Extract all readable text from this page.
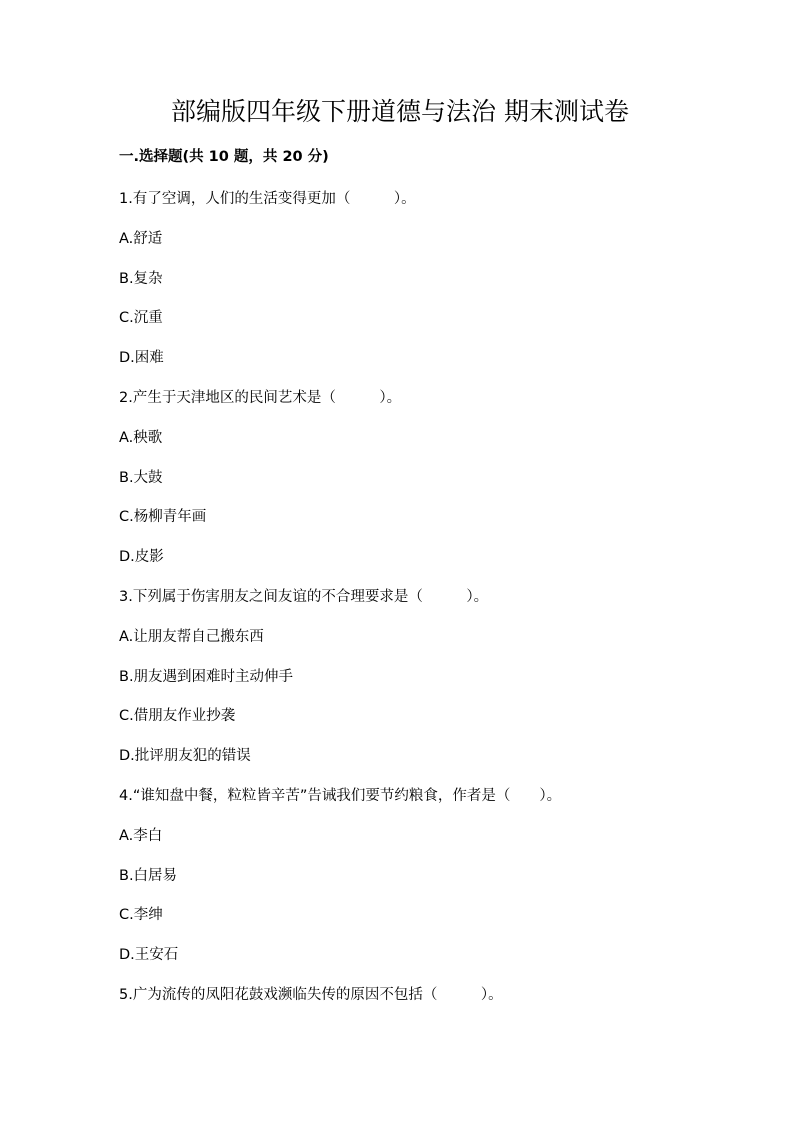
部编版四年级下册道德与法治 期末测试卷
一.选择题(共 10 题，共 20 分)
1.有了空调，人们的生活变得更加（　　　）。
A.舒适
B.复杂
C.沉重
D.困难
2.产生于天津地区的民间艺术是（　　　）。
A.秧歌
B.大鼓
C.杨柳青年画
D.皮影
3.下列属于伤害朋友之间友谊的不合理要求是（　　　）。
A.让朋友帮自己搬东西
B.朋友遇到困难时主动伸手
C.借朋友作业抄袭
D.批评朋友犯的错误
4.“谁知盘中餐，粒粒皆辛苦”告诫我们要节约粮食，作者是（　　）。
A.李白
B.白居易
C.李绅
D.王安石
5.广为流传的凤阳花鼓戏濒临失传的原因不包括（　　　）。
